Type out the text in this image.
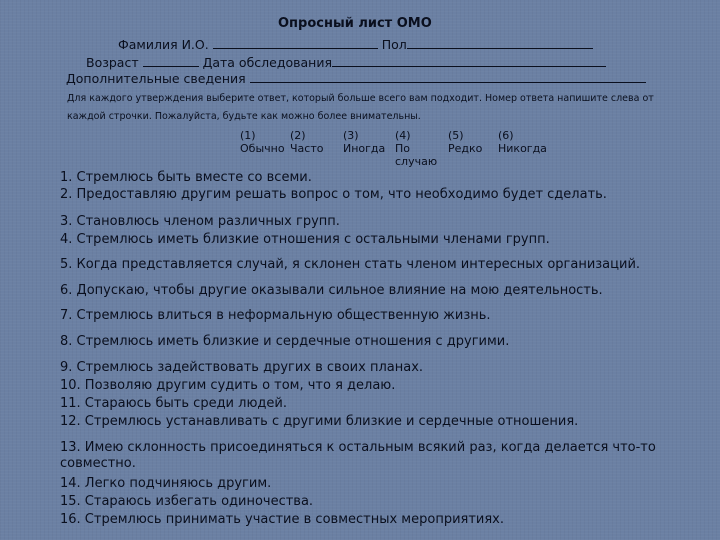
Опросный лист ОМО
Фамилия И.О.	Пол
Возраст	Дата обследования
Дополнительные сведения
Для каждого утверждения выберите ответ, который больше всего вам подходит. Номер ответа напишите слева от
каждой строчки. Пожалуйста, будьте как можно более внимательны.
(1)
Обычно
(2)
Часто
(3)
Иногда
(4)
По
случаю
(5)
Редко
(6)
Никогда
1. Стремлюсь быть вместе со всеми.
2. Предоставляю другим решать вопрос о том, что необходимо будет сделать.
3. Становлюсь членом различных групп.
4. Стремлюсь иметь близкие отношения с остальными членами групп.
5. Когда представляется случай, я склонен стать членом интересных организаций.
6. Допускаю, чтобы другие оказывали сильное влияние на мою деятельность.
7. Стремлюсь влиться в неформальную общественную жизнь.
8. Стремлюсь иметь близкие и сердечные отношения с другими.
9. Стремлюсь задействовать других в своих планах.
10. Позволяю другим судить о том, что я делаю.
11. Стараюсь быть среди людей.
12. Стремлюсь устанавливать с другими близкие и сердечные отношения.
13. Имею склонность присоединяться к остальным всякий раз, когда делается что-то совместно.
14. Легко подчиняюсь другим.
15. Стараюсь избегать одиночества.
16. Стремлюсь принимать участие в совместных мероприятиях.
